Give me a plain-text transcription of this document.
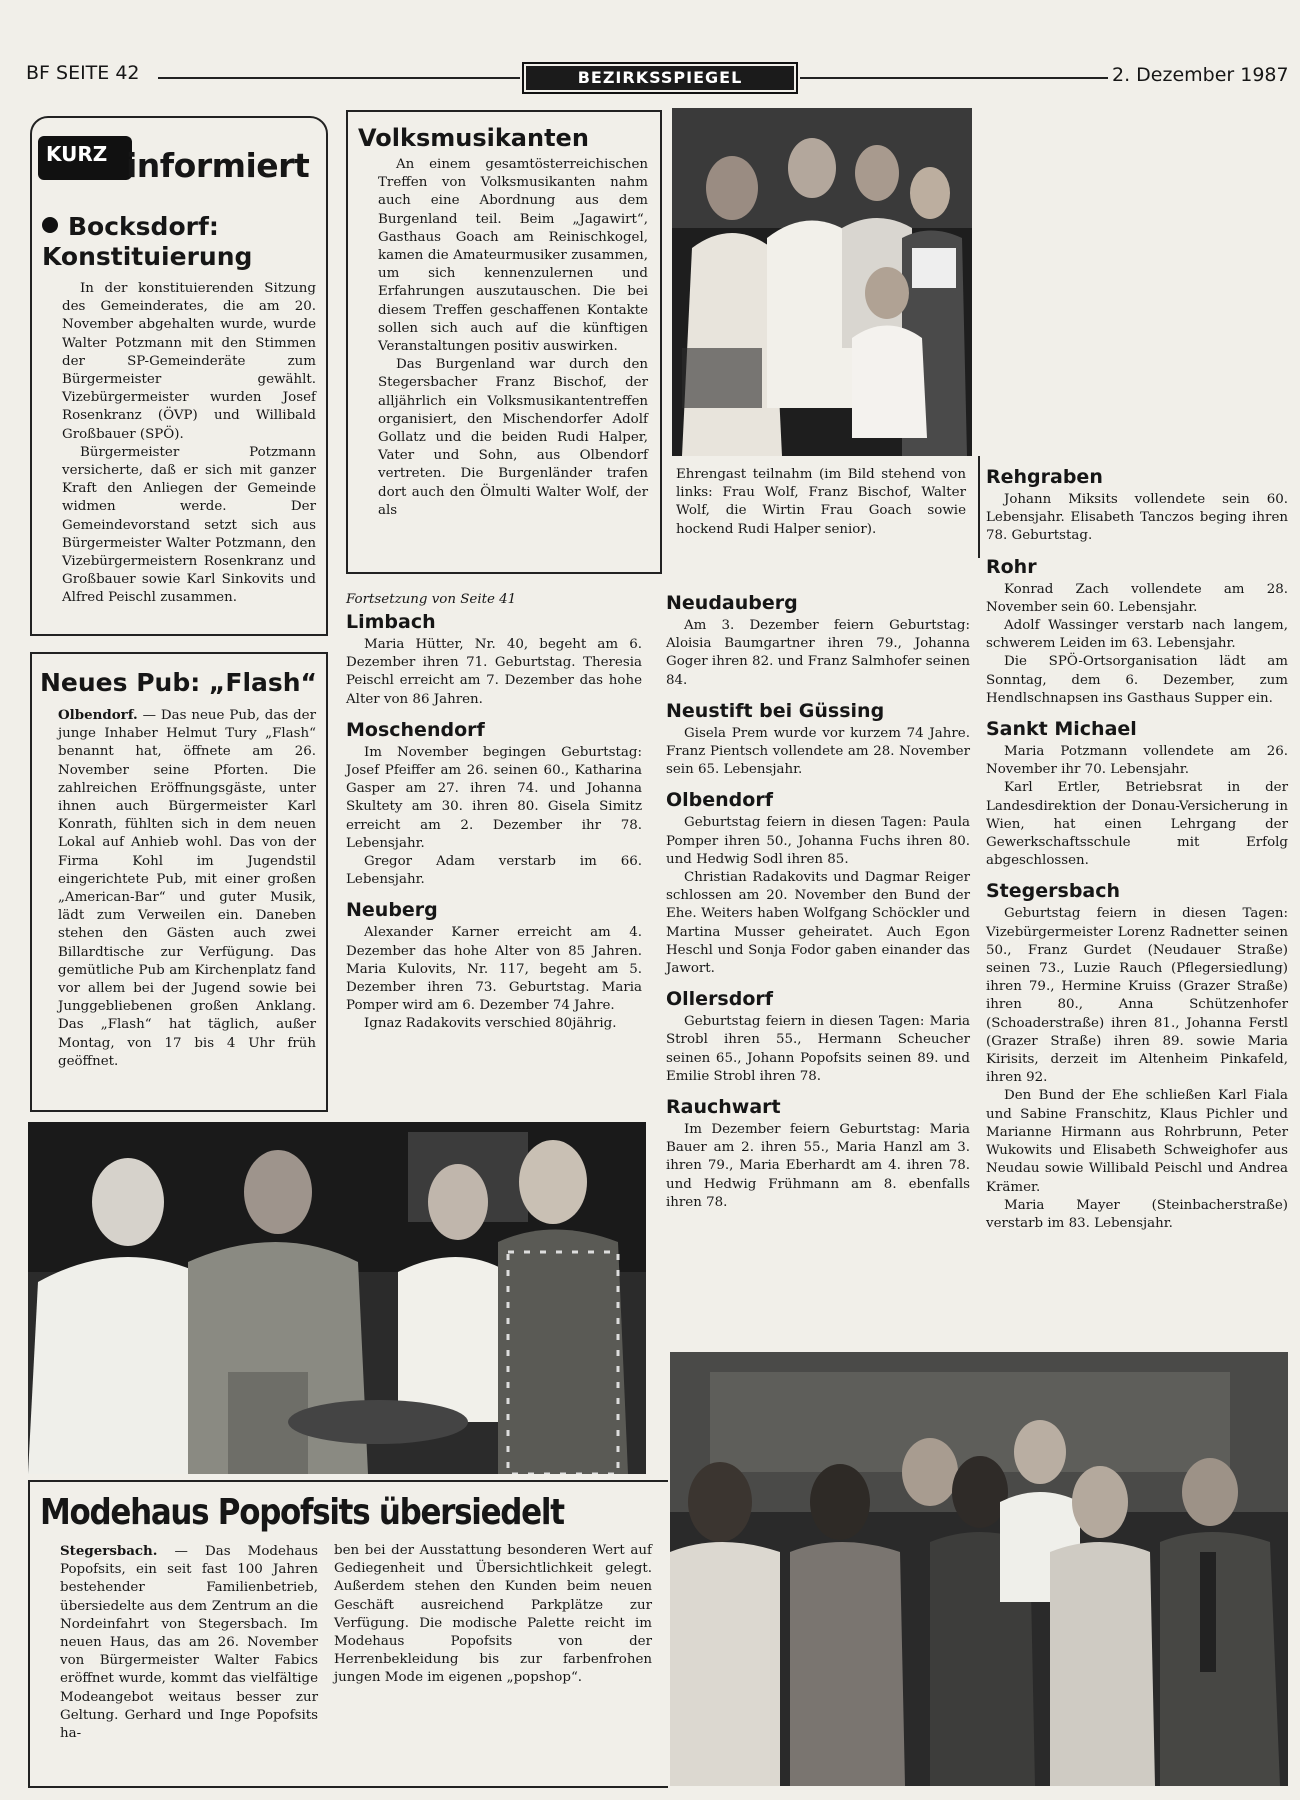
BF SEITE 42	BEZIRKSSPIEGEL	2. Dezember 1987
KURZ informiert
Bocksdorf:
Konstituierung

In der konstituierenden Sitzung des Gemeinderates, die am 20. November abgehalten wurde, wurde Walter Potzmann mit den Stimmen der SP-Gemeinderäte zum Bürgermeister gewählt. Vizebürgermeister wurden Josef Rosenkranz (ÖVP) und Willibald Großbauer (SPÖ).

Bürgermeister Potzmann versicherte, daß er sich mit ganzer Kraft den Anliegen der Gemeinde widmen werde. Der Gemeindevorstand setzt sich aus Bürgermeister Walter Potzmann, den Vizebürgermeistern Rosenkranz und Großbauer sowie Karl Sinkovits und Alfred Peischl zusammen.

Neues Pub: „Flash“

Olbendorf. — Das neue Pub, das der junge Inhaber Helmut Tury „Flash“ benannt hat, öffnete am 26. November seine Pforten. Die zahlreichen Eröffnungsgäste, unter ihnen auch Bürgermeister Karl Konrath, fühlten sich in dem neuen Lokal auf Anhieb wohl. Das von der Firma Kohl im Jugendstil eingerichtete Pub, mit einer großen „American-Bar“ und guter Musik, lädt zum Verweilen ein. Daneben stehen den Gästen auch zwei Billardtische zur Verfügung. Das gemütliche Pub am Kirchenplatz fand vor allem bei der Jugend sowie bei Junggebliebenen großen Anklang. Das „Flash“ hat täglich, außer Montag, von 17 bis 4 Uhr früh geöffnet.

Volksmusikanten

An einem gesamtösterreichischen Treffen von Volksmusikanten nahm auch eine Abordnung aus dem Burgenland teil. Beim „Jagawirt“, Gasthaus Goach am Reinischkogel, kamen die Amateurmusiker zusammen, um sich kennenzulernen und Erfahrungen auszutauschen. Die bei diesem Treffen geschaffenen Kontakte sollen sich auch auf die künftigen Veranstaltungen positiv auswirken.

Das Burgenland war durch den Stegersbacher Franz Bischof, der alljährlich ein Volksmusikantentreffen organisiert, den Mischendorfer Adolf Gollatz und die beiden Rudi Halper, Vater und Sohn, aus Olbendorf vertreten. Die Burgenländer trafen dort auch den Ölmulti Walter Wolf, der als

Ehrengast teilnahm (im Bild stehend von links: Frau Wolf, Franz Bischof, Walter Wolf, die Wirtin Frau Goach sowie hockend Rudi Halper senior).

Rehgraben

Johann Miksits vollendete sein 60. Lebensjahr. Elisabeth Tanczos beging ihren 78. Geburtstag.

Rohr

Konrad Zach vollendete am 28. November sein 60. Lebensjahr.

Adolf Wassinger verstarb nach langem, schwerem Leiden im 63. Lebensjahr.

Die SPÖ-Ortsorganisation lädt am Sonntag, dem 6. Dezember, zum Hendlschnapsen ins Gasthaus Supper ein.

Sankt Michael

Maria Potzmann vollendete am 26. November ihr 70. Lebensjahr.

Karl Ertler, Betriebsrat in der Landesdirektion der Donau-Versicherung in Wien, hat einen Lehrgang der Gewerkschaftsschule mit Erfolg abgeschlossen.

Stegersbach

Geburtstag feiern in diesen Tagen: Vizebürgermeister Lorenz Radnetter seinen 50., Franz Gurdet (Neudauer Straße) seinen 73., Luzie Rauch (Pflegersiedlung) ihren 79., Hermine Kruiss (Grazer Straße) ihren 80., Anna Schützenhofer (Schoaderstraße) ihren 81., Johanna Ferstl (Grazer Straße) ihren 89. sowie Maria Kirisits, derzeit im Altenheim Pinkafeld, ihren 92.

Den Bund der Ehe schließen Karl Fiala und Sabine Franschitz, Klaus Pichler und Marianne Hirmann aus Rohrbrunn, Peter Wukowits und Elisabeth Schweighofer aus Neudau sowie Willibald Peischl und Andrea Krämer.

Maria Mayer (Steinbacherstraße) verstarb im 83. Lebensjahr.

Fortsetzung von Seite 41
Limbach

Maria Hütter, Nr. 40, begeht am 6. Dezember ihren 71. Geburtstag. Theresia Peischl erreicht am 7. Dezember das hohe Alter von 86 Jahren.

Moschendorf

Im November begingen Geburtstag: Josef Pfeiffer am 26. seinen 60., Katharina Gasper am 27. ihren 74. und Johanna Skultety am 30. ihren 80. Gisela Simitz erreicht am 2. Dezember ihr 78. Lebensjahr.

Gregor Adam verstarb im 66. Lebensjahr.

Neuberg

Alexander Karner erreicht am 4. Dezember das hohe Alter von 85 Jahren. Maria Kulovits, Nr. 117, begeht am 5. Dezember ihren 73. Geburtstag. Maria Pomper wird am 6. Dezember 74 Jahre.

Ignaz Radakovits verschied 80jährig.

Neudauberg

Am 3. Dezember feiern Geburtstag: Aloisia Baumgartner ihren 79., Johanna Goger ihren 82. und Franz Salmhofer seinen 84.

Neustift bei Güssing

Gisela Prem wurde vor kurzem 74 Jahre. Franz Pientsch vollendete am 28. November sein 65. Lebensjahr.

Olbendorf

Geburtstag feiern in diesen Tagen: Paula Pomper ihren 50., Johanna Fuchs ihren 80. und Hedwig Sodl ihren 85.

Christian Radakovits und Dagmar Reiger schlossen am 20. November den Bund der Ehe. Weiters haben Wolfgang Schöckler und Martina Musser geheiratet. Auch Egon Heschl und Sonja Fodor gaben einander das Jawort.

Ollersdorf

Geburtstag feiern in diesen Tagen: Maria Strobl ihren 55., Hermann Scheucher seinen 65., Johann Popofsits seinen 89. und Emilie Strobl ihren 78.

Rauchwart

Im Dezember feiern Geburtstag: Maria Bauer am 2. ihren 55., Maria Hanzl am 3. ihren 79., Maria Eberhardt am 4. ihren 78. und Hedwig Frühmann am 8. ebenfalls ihren 78.

Modehaus Popofsits übersiedelt

Stegersbach. — Das Modehaus Popofsits, ein seit fast 100 Jahren bestehender Familienbetrieb, übersiedelte aus dem Zentrum an die Nordeinfahrt von Stegersbach. Im neuen Haus, das am 26. November von Bürgermeister Walter Fabics eröffnet wurde, kommt das vielfältige Modeangebot weitaus besser zur Geltung. Gerhard und Inge Popofsits ha-

ben bei der Ausstattung besonderen Wert auf Gediegenheit und Übersichtlichkeit gelegt. Außerdem stehen den Kunden beim neuen Geschäft ausreichend Parkplätze zur Verfügung. Die modische Palette reicht im Modehaus Popofsits von der Herrenbekleidung bis zur farbenfrohen jungen Mode im eigenen „popshop“.
